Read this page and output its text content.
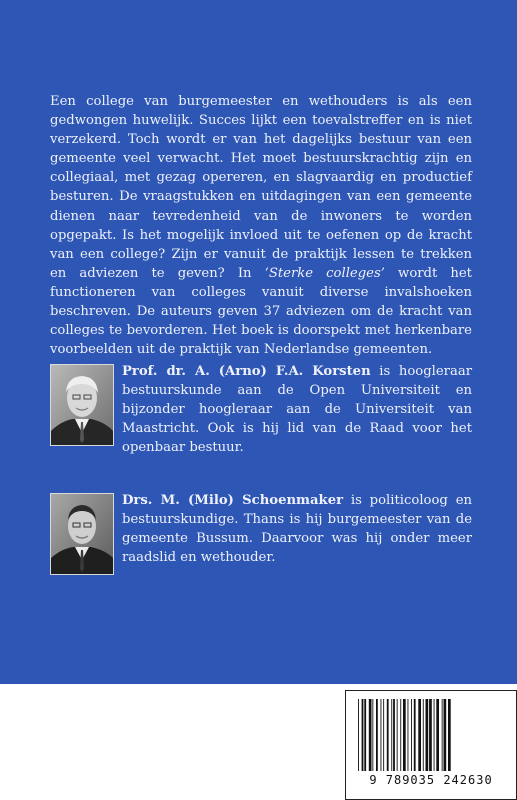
Een college van burgemeester en wethouders is als een gedwongen huwelijk. Succes lijkt een toevalstreffer en is niet verzekerd. Toch wordt er van het dagelijks bestuur van een gemeente veel verwacht. Het moet bestuurskrachtig zijn en collegiaal, met gezag opereren, en slagvaardig en productief besturen. De vraagstukken en uitdagingen van een gemeente dienen naar tevredenheid van de inwoners te worden opgepakt. Is het mogelijk invloed uit te oefenen op de kracht van een college? Zijn er vanuit de praktijk lessen te trekken en adviezen te geven? In ‘Sterke colleges’ wordt het functioneren van colleges vanuit diverse invalshoeken beschreven. De auteurs geven 37 adviezen om de kracht van colleges te bevorderen. Het boek is doorspekt met herkenbare voorbeelden uit de praktijk van Nederlandse gemeenten.

Prof. dr. A. (Arno) F.A. Korsten is hoogleraar bestuurskunde aan de Open Universiteit en bijzonder hoogleraar aan de Universiteit van Maastricht. Ook is hij lid van de Raad voor het openbaar bestuur.
Drs. M. (Milo) Schoenmaker is politicoloog en bestuurskundige. Thans is hij burgemeester van de gemeente Bussum. Daarvoor was hij onder meer raadslid en wethouder.
9 789035 242630
